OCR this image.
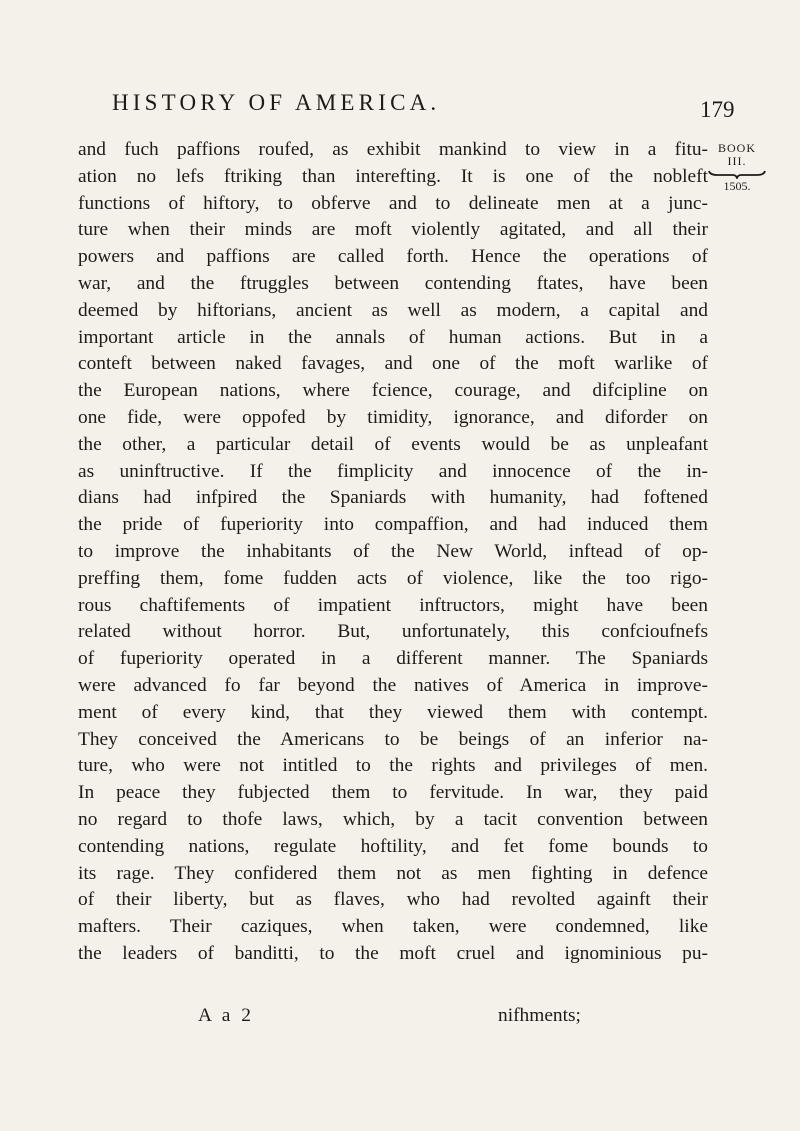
HISTORY OF AMERICA.	179
BOOK
III.
1505.
and fuch paffions roufed, as exhibit mankind to view in a fitu-
ation no lefs ftriking than interefting. It is one of the nobleft
functions of hiftory, to obferve and to delineate men at a junc-
ture when their minds are moft violently agitated, and all their
powers and paffions are called forth. Hence the operations of
war, and the ftruggles between contending ftates, have been
deemed by hiftorians, ancient as well as modern, a capital and
important article in the annals of human actions. But in a
conteft between naked favages, and one of the moft warlike of
the European nations, where fcience, courage, and difcipline on
one fide, were oppofed by timidity, ignorance, and diforder on
the other, a particular detail of events would be as unpleafant
as uninftructive. If the fimplicity and innocence of the in-
dians had infpired the Spaniards with humanity, had foftened
the pride of fuperiority into compaffion, and had induced them
to improve the inhabitants of the New World, inftead of op-
preffing them, fome fudden acts of violence, like the too rigo-
rous chaftifements of impatient inftructors, might have been
related without horror. But, unfortunately, this confcioufnefs
of fuperiority operated in a different manner. The Spaniards
were advanced fo far beyond the natives of America in improve-
ment of every kind, that they viewed them with contempt.
They conceived the Americans to be beings of an inferior na-
ture, who were not intitled to the rights and privileges of men.
In peace they fubjected them to fervitude. In war, they paid
no regard to thofe laws, which, by a tacit convention between
contending nations, regulate hoftility, and fet fome bounds to
its rage. They confidered them not as men fighting in defence
of their liberty, but as flaves, who had revolted againft their
mafters. Their caziques, when taken, were condemned, like
the leaders of banditti, to the moft cruel and ignominious pu-
A a 2	nifhments;
